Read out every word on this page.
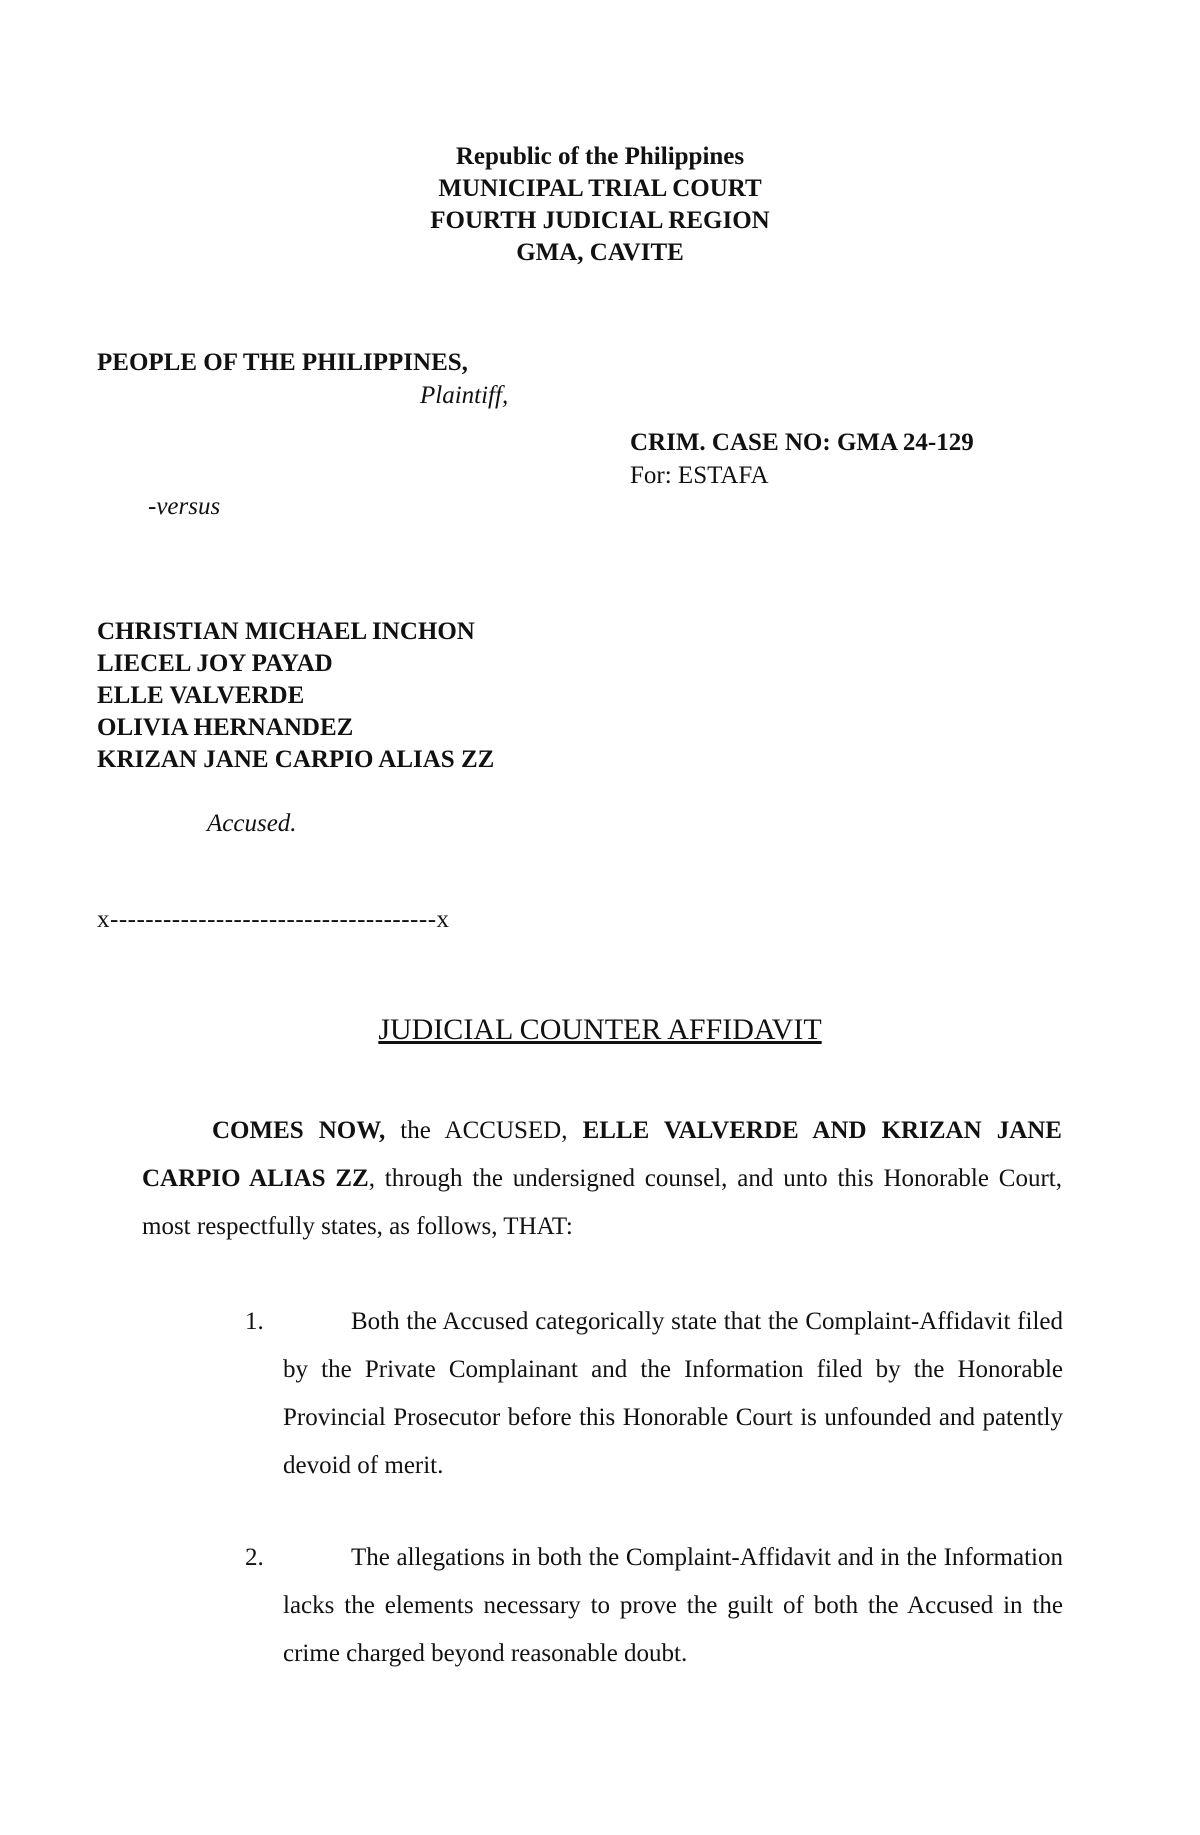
Republic of the Philippines
MUNICIPAL TRIAL COURT
FOURTH JUDICIAL REGION
GMA, CAVITE
PEOPLE OF THE PHILIPPINES,
Plaintiff,
CRIM. CASE NO: GMA 24-129
For: ESTAFA
-versus
CHRISTIAN MICHAEL INCHON
LIECEL JOY PAYAD
ELLE VALVERDE
OLIVIA HERNANDEZ
KRIZAN JANE CARPIO ALIAS ZZ
Accused.
x-------------------------------------x
JUDICIAL COUNTER AFFIDAVIT
COMES NOW, the ACCUSED, ELLE VALVERDE AND KRIZAN JANE CARPIO ALIAS ZZ, through the undersigned counsel, and unto this Honorable Court, most respectfully states, as follows, THAT:
1.	Both the Accused categorically state that the Complaint-Affidavit filed by the Private Complainant and the Information filed by the Honorable Provincial Prosecutor before this Honorable Court is unfounded and patently devoid of merit.
2.	The allegations in both the Complaint-Affidavit and in the Information lacks the elements necessary to prove the guilt of both the Accused in the crime charged beyond reasonable doubt.
